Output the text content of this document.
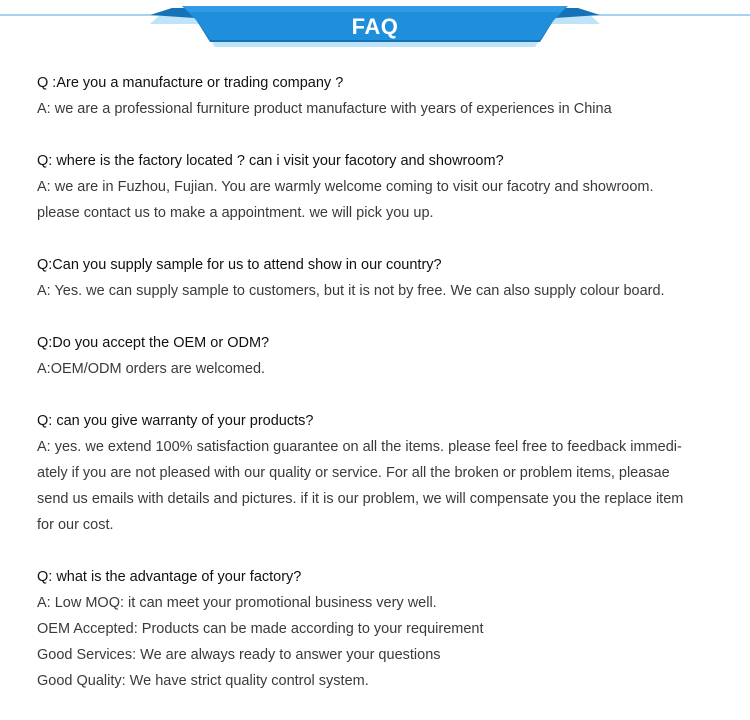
FAQ
Q :Are you a manufacture or trading company ?
A: we are a professional furniture product manufacture with years of experiences in China
Q: where is the factory located ? can i visit your facotory and showroom?
A: we are in Fuzhou, Fujian. You are warmly welcome coming to visit our facotry and showroom.
please contact us to make a appointment. we will pick you up.
Q:Can you supply sample for us to attend show in our country?
A: Yes. we can supply sample to customers, but it is not by free. We can also supply colour board.
Q:Do you accept the OEM or ODM?
A:OEM/ODM orders are welcomed.
Q: can you give warranty of your products?
A: yes. we extend 100% satisfaction guarantee on all the items. please feel free to feedback immedi-
ately if you are not pleased with our quality or service. For all the broken or problem items, pleasae
send us emails with details and pictures. if it is our problem, we will compensate you the replace item
for our cost.
Q: what is the advantage of your factory?
A: Low MOQ: it can meet your promotional business very well.
OEM Accepted: Products can be made according to your requirement
Good Services: We are always ready to answer your questions
Good Quality: We have strict quality control system.
